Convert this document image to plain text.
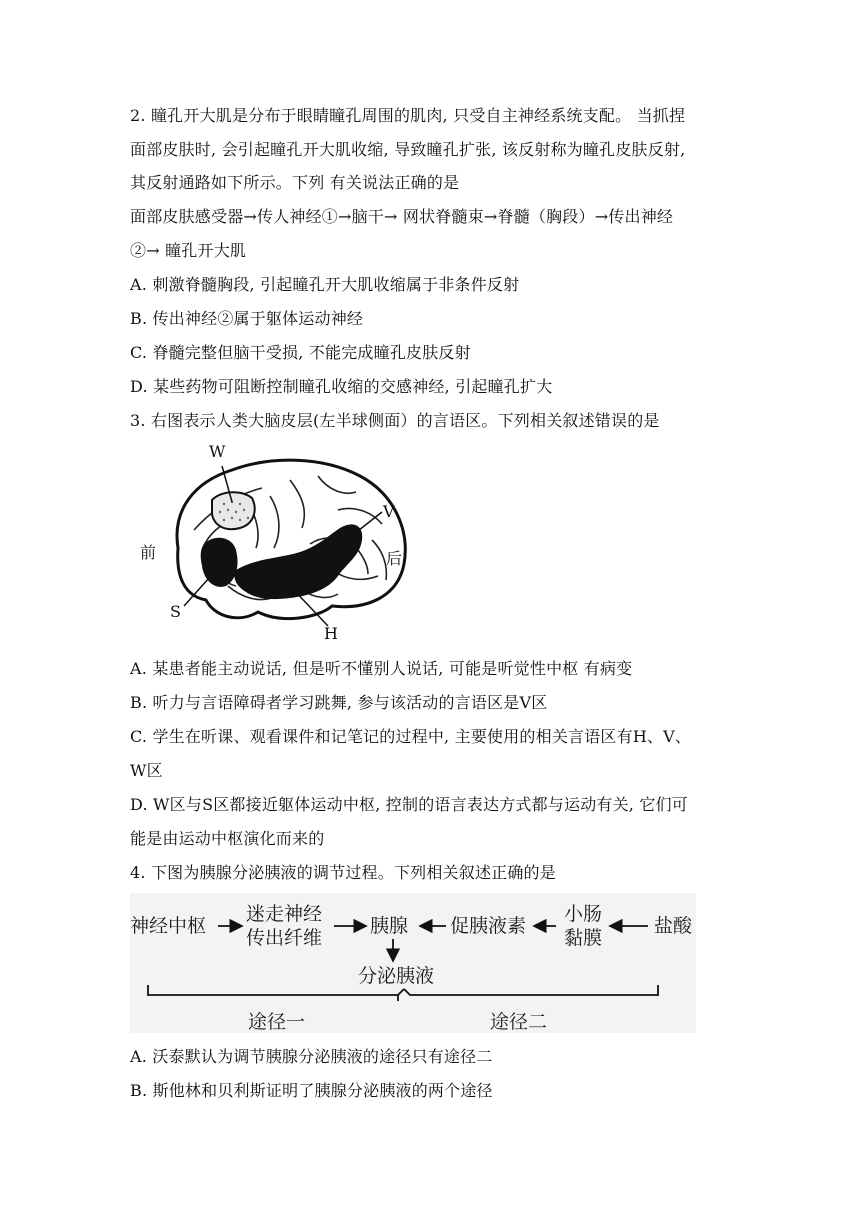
2. 瞳孔开大肌是分布于眼睛瞳孔周围的肌肉, 只受自主神经系统支配。 当抓捏
面部皮肤时, 会引起瞳孔开大肌收缩, 导致瞳孔扩张, 该反射称为瞳孔皮肤反射,
其反射通路如下所示。下列 有关说法正确的是
面部皮肤感受器→传人神经①→脑干→ 网状脊髓束→脊髓（胸段）→传出神经
②→ 瞳孔开大肌
A. 刺激脊髓胸段, 引起瞳孔开大肌收缩属于非条件反射
B. 传出神经②属于躯体运动神经
C. 脊髓完整但脑干受损, 不能完成瞳孔皮肤反射
D. 某些药物可阻断控制瞳孔收缩的交感神经, 引起瞳孔扩大
3. 右图表示人类大脑皮层(左半球侧面）的言语区。下列相关叙述错误的是
W
V
S
H
前	后
A. 某患者能主动说话, 但是听不懂别人说话, 可能是听觉性中枢 有病变
B. 听力与言语障碍者学习跳舞, 参与该活动的言语区是V区
C. 学生在听课、观看课件和记笔记的过程中, 主要使用的相关言语区有H、V、
W区
D. W区与S区都接近躯体运动中枢, 控制的语言表达方式都与运动有关, 它们可
能是由运动中枢演化而来的
4. 下图为胰腺分泌胰液的调节过程。下列相关叙述正确的是
神经中枢
迷走神经
传出纤维
胰腺 促胰液素
小肠
黏膜
盐酸
分泌胰液
途径一	途径二
A. 沃泰默认为调节胰腺分泌胰液的途径只有途径二
B. 斯他林和贝利斯证明了胰腺分泌胰液的两个途径
